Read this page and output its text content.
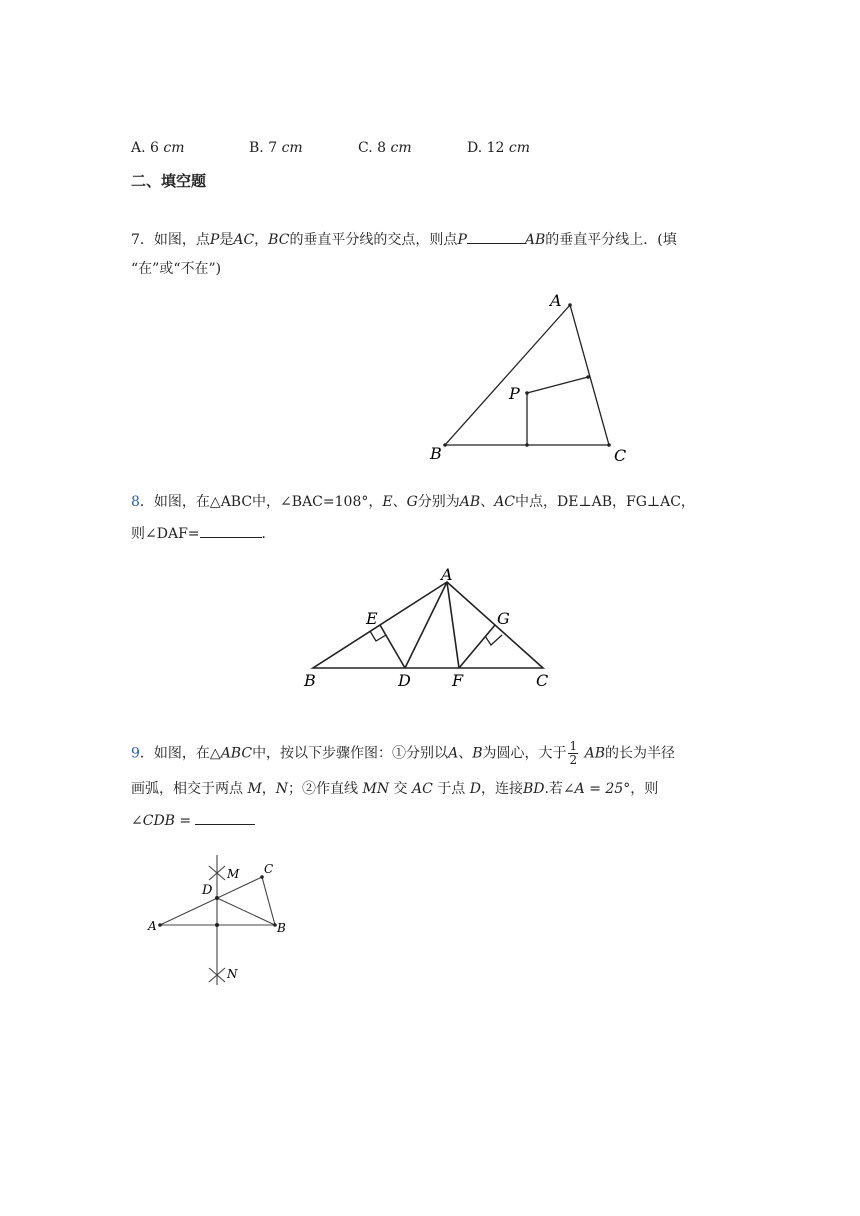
A. 6 cm	B. 7 cm	C. 8 cm	D. 12 cm
二、填空题
7．如图，点P是AC，BC的垂直平分线的交点，则点P	AB的垂直平分线上．(填
“在”或“不在”)
A
B	C
P
8．如图，在△ABC中，∠BAC=108°，E、G分别为AB、AC中点，DE⊥AB，FG⊥AC，
则∠DAF=	．
A
B	C
D
E
F
G
9．如图，在△ABC中，按以下步骤作图：①分别以A、B为圆心，大于 $\frac{1}{2}$ AB的长为半径
画弧，相交于两点 M，N；②作直线 MN 交 AC 于点 D，连接BD.若∠A = 25°，则
∠CDB =
A	B
C
D
M
N
